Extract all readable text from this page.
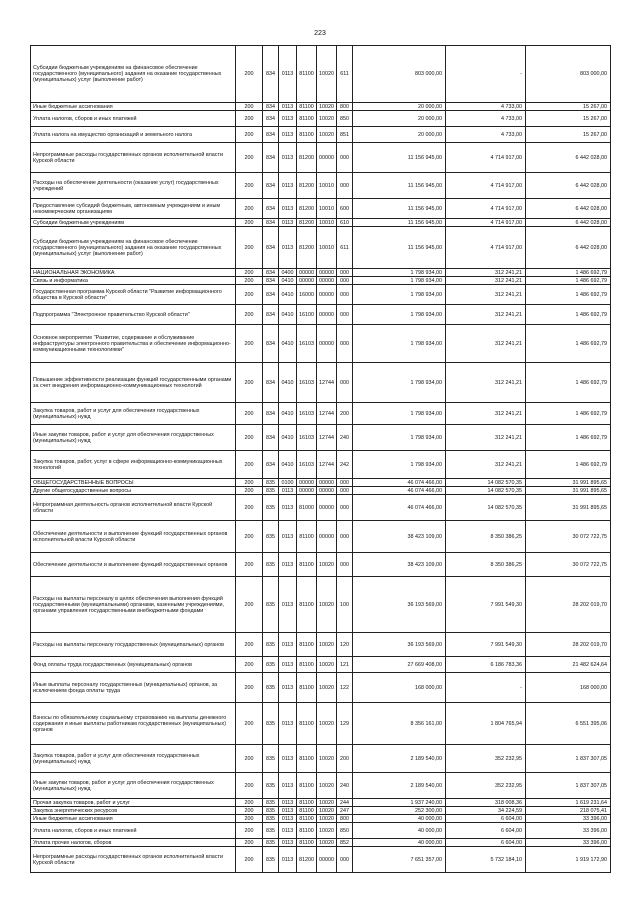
223
Субсидии бюджетным учреждениям на финансовое обеспечение государственного (муниципального) задания на оказание государственных (муниципальных) услуг (выполнение работ)	200	834	0113	81100	10020	611	803 000,00	-	803 000,00
Иные бюджетные ассигнования	200	834	0113	81100	10020	800	20 000,00	4 733,00	15 267,00
Уплата налогов, сборов и иных платежей	200	834	0113	81100	10020	850	20 000,00	4 733,00	15 267,00
Уплата налога на имущество организаций и земельного налога	200	834	0113	81100	10020	851	20 000,00	4 733,00	15 267,00
Непрограммные расходы государственных органов исполнительной власти Курской области	200	834	0113	81200	00000	000	11 156 945,00	4 714 917,00	6 442 028,00
Расходы на обеспечение деятельности (оказание услуг) государственных учреждений	200	834	0113	81200	10010	000	11 156 945,00	4 714 917,00	6 442 028,00
Предоставление субсидий бюджетным, автономным учреждениям и иным некоммерческим организациям	200	834	0113	81200	10010	600	11 156 945,00	4 714 917,00	6 442 028,00
Субсидии бюджетным учреждениям	200	834	0113	81200	10010	610	11 156 945,00	4 714 917,00	6 442 028,00
Субсидии бюджетным учреждениям на финансовое обеспечение государственного (муниципального) задания на оказание государственных (муниципальных) услуг (выполнение работ)	200	834	0113	81200	10010	611	11 156 945,00	4 714 917,00	6 442 028,00
НАЦИОНАЛЬНАЯ ЭКОНОМИКА	200	834	0400	00000	00000	000	1 798 934,00	312 241,21	1 486 692,79
Связь и информатика	200	834	0410	00000	00000	000	1 798 934,00	312 241,21	1 486 692,79
Государственная программа Курской области "Развитие информационного общества в Курской области"	200	834	0410	16000	00000	000	1 798 934,00	312 241,21	1 486 692,79
Подпрограмма "Электронное правительство Курской области"	200	834	0410	16100	00000	000	1 798 934,00	312 241,21	1 486 692,79
Основное мероприятие "Развитие, содержание и обслуживание инфраструктуры электронного правительства и обеспечение информационно-коммуникационными технологиями"	200	834	0410	16103	00000	000	1 798 934,00	312 241,21	1 486 692,79
Повышение эффективности реализации функций государственными органами за счет внедрения информационно-коммуникационных технологий	200	834	0410	16103	12744	000	1 798 934,00	312 241,21	1 486 692,79
Закупка товаров, работ и услуг для обеспечения государственных (муниципальных) нужд	200	834	0410	16103	12744	200	1 798 934,00	312 241,21	1 486 692,79
Иные закупки товаров, работ и услуг для обеспечения государственных (муниципальных) нужд	200	834	0410	16103	12744	240	1 798 934,00	312 241,21	1 486 692,79
Закупка товаров, работ, услуг в сфере информационно-коммуникационных технологий	200	834	0410	16103	12744	242	1 798 934,00	312 241,21	1 486 692,79
ОБЩЕГОСУДАРСТВЕННЫЕ ВОПРОСЫ	200	835	0100	00000	00000	000	46 074 466,00	14 082 570,35	31 991 895,65
Другие общегосударственные вопросы	200	835	0113	00000	00000	000	46 074 466,00	14 082 570,35	31 991 895,65
Непрограммная деятельность органов исполнительной власти Курской области	200	835	0113	81000	00000	000	46 074 466,00	14 082 570,35	31 991 895,65
Обеспечение деятельности и выполнение функций государственных органов исполнительной власти Курской области	200	835	0113	81100	00000	000	38 423 109,00	8 350 386,25	30 072 722,75
Обеспечение деятельности и выполнение функций государственных органов	200	835	0113	81100	10020	000	38 423 109,00	8 350 386,25	30 072 722,75
Расходы на выплаты персоналу в целях обеспечения выполнения функций государственными (муниципальными) органами, казенными учреждениями, органами управления государственными внебюджетными фондами	200	835	0113	81100	10020	100	36 193 569,00	7 991 549,30	28 202 019,70
Расходы на выплаты персоналу государственных (муниципальных) органов	200	835	0113	81100	10020	120	36 193 569,00	7 991 549,30	28 202 019,70
Фонд оплаты труда государственных (муниципальных) органов	200	835	0113	81100	10020	121	27 669 408,00	6 186 783,36	21 482 624,64
Иные выплаты персоналу государственных (муниципальных) органов, за исключением фонда оплаты труда	200	835	0113	81100	10020	122	168 000,00	-	168 000,00
Взносы по обязательному социальному страхованию на выплаты денежного содержания и иные выплаты работникам государственных (муниципальных) органов	200	835	0113	81100	10020	129	8 356 161,00	1 804 765,94	6 551 395,06
Закупка товаров, работ и услуг для обеспечения государственных (муниципальных) нужд	200	835	0113	81100	10020	200	2 189 540,00	352 232,95	1 837 307,05
Иные закупки товаров, работ и услуг для обеспечения государственных (муниципальных) нужд	200	835	0113	81100	10020	240	2 189 540,00	352 232,95	1 837 307,05
Прочая закупка товаров, работ и услуг	200	835	0113	81100	10020	244	1 937 240,00	318 008,36	1 619 231,64
Закупка энергетических ресурсов	200	835	0113	81100	10020	247	252 300,00	34 224,59	218 075,41
Иные бюджетные ассигнования	200	835	0113	81100	10020	800	40 000,00	6 604,00	33 396,00
Уплата налогов, сборов и иных платежей	200	835	0113	81100	10020	850	40 000,00	6 604,00	33 396,00
Уплата прочих налогов, сборов	200	835	0113	81100	10020	852	40 000,00	6 604,00	33 396,00
Непрограммные расходы государственных органов исполнительной власти Курской области	200	835	0113	81200	00000	000	7 651 357,00	5 732 184,10	1 919 172,90
